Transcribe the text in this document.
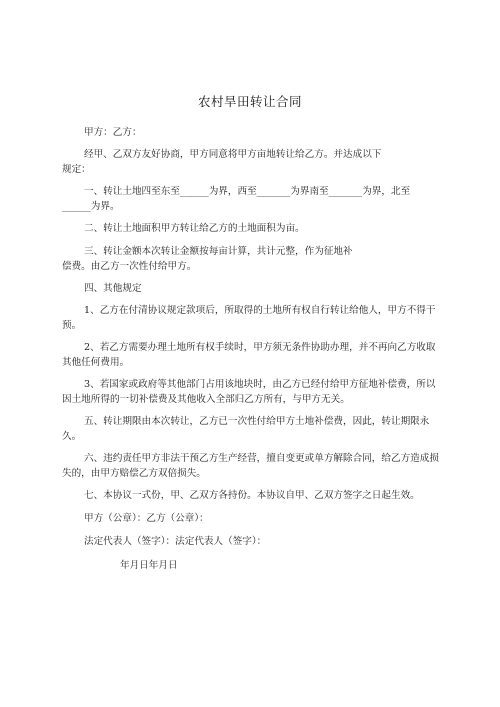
农村旱田转让合同

甲方：乙方：

经甲、乙双方友好协商，甲方同意将甲方亩地转让给乙方。并达成以下
规定：

一、转让土地四至东至______为界，西至_______为界南至_______为界，北至
______为界。

二、转让土地面积甲方转让给乙方的土地面积为亩。

三、转让金额本次转让金额按每亩计算，共计元整，作为征地补
偿费。由乙方一次性付给甲方。

四、其他规定

1、乙方在付清协议规定款项后，所取得的土地所有权自行转让给他人，甲方不得干预。

2、若乙方需要办理土地所有权手续时，甲方须无条件协助办理，并不再向乙方收取其他任何费用。

3、若国家或政府等其他部门占用该地块时，由乙方已经付给甲方征地补偿费，所以因土地所得的一切补偿费及其他收入全部归乙方所有，与甲方无关。

五、转让期限由本次转让，乙方已一次性付给甲方土地补偿费，因此，转让期限永久。

六、违约责任甲方非法干预乙方生产经营，擅自变更或单方解除合同，给乙方造成损失的，由甲方赔偿乙方双倍损失。

七、本协议一式份，甲、乙双方各持份。本协议自甲、乙双方签字之日起生效。

甲方（公章）：乙方（公章）：

法定代表人（签字）：法定代表人（签字）：

年月日年月日
